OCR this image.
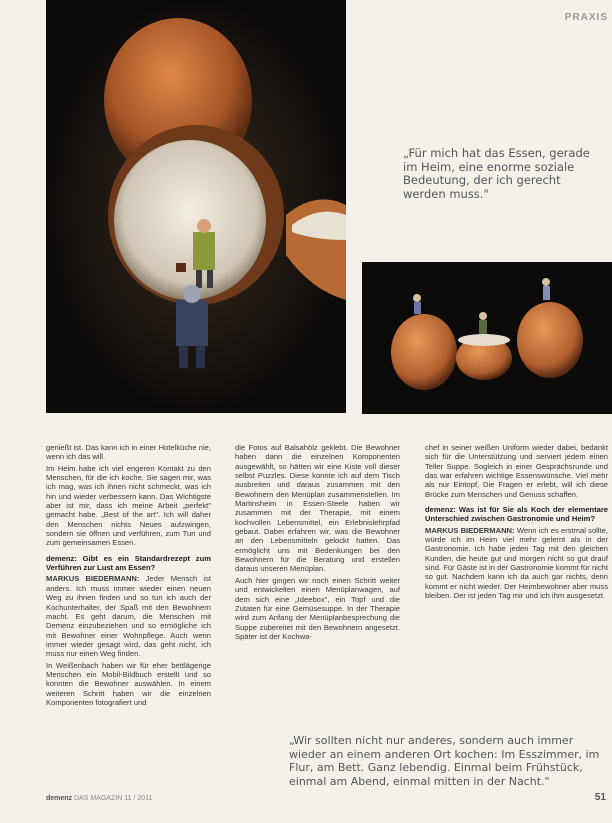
PRAXIS
„Für mich hat das Essen, gerade im Heim, eine enorme soziale Bedeutung, der ich gerecht werden muss."

genießt ist. Das kann ich in einer Hotelküche nie, wenn ich das will.

Im Heim habe ich viel engeren Kontakt zu den Menschen, für die ich koche. Sie sagen mir, was ich mag, was ich ihnen nicht schmeckt, was ich hin und wieder verbessern kann. Das Wichtigste aber ist mir, dass ich meine Arbeit „perfekt" gemacht habe. „Best of the art". Ich will daher den Menschen nichts Neues aufzwingen, sondern sie öffnen und verführen, zum Tun und zum gemeinsamen Essen.

demenz: Gibt es ein Standardrezept zum Verführen zur Lust am Essen?

MARKUS BIEDERMANN: Jeder Mensch ist anders. Ich muss immer wieder einen neuen Weg zu ihnen finden und so tun ich auch der Kochunterhalter, der Spaß mit den Bewohnern macht. Es geht darum, die Menschen mit Demenz einzubeziehen und so ermögliche ich mit Bewohner einer Wohnpflege. Auch wenn immer wieder gesagt wird, das geht nicht, ich muss nur einen Weg finden.

In Weißenbach haben wir für eher bettlägerige Menschen ein Mobil-Bildbuch erstellt und so konnten die Bewohner auswählen. In einem weiteren Schritt haben wir die einzelnen Komponenten fotografiert und

die Fotos auf Balsahölz geklebt. Die Bewohner haben dann die einzelnen Komponenten ausgewählt, so hätten wir eine Kiste voll dieser selbst Puzzles. Diese konnte ich auf dem Tisch ausbreiten und daraus zusammen mit den Bewohnern den Menüplan zusammenstellen. Im Martinsheim in Essen-Steele haben wir zusammen mit der Therapie, mit einem kochvollen Lebensmittel, ein Erlebnislehrpfad gebaut. Dabei erfahren wir, was die Bewohner an den Lebensmitteln gelockt hatten. Das ermöglicht uns mit Bedenkungen bei den Bewohnern für die Beratung und erstellen daraus unseren Menüplan.

Auch hier gingen wir noch einen Schritt weiter und entwickelten einen Menüplanwagen, auf dem sich eine „Ideebox", ein Topf und die Zutaten für eine Gemüsesuppe. In der Therapie wird zum Anfang der Menüplanbesprechung die Suppe zubereitet mit den Bewohnern angesetzt. Später ist der Kochwa-

chef in seiner weißen Uniform wieder dabei, bedankt sich für die Unterstützung und serviert jedem einen Teller Suppe. Sogleich in einer Gesprächsrunde und das war erfahren wichtige Essenswünsche. Viel mehr als nur Eintopf, Die Fragen er erlebt, will ich diese Brücke zum Menschen und Genuss schaffen.

demenz: Was ist für Sie als Koch der elementare Unterschied zwischen Gastronomie und Heim?

MARKUS BIEDERMANN: Wenn ich es erstmal sollte, würde ich im Heim viel mehr gelernt als in der Gastronomie. Ich habe jeden Tag mit den gleichen Kunden, die heute gut und morgen nicht so gut drauf sind. Für Gäste ist in der Gastronomie kommt für nicht so gut. Nachdem kann ich da auch gar nichts, denn kommt er nicht wieder. Der Heimbewohner aber muss bleiben. Der ist jeden Tag mir und ich ihm ausgesetzt.

„Wir sollten nicht nur anderes, sondern auch immer wieder an einem anderen Ort kochen: Im Esszimmer, im Flur, am Bett. Ganz lebendig. Einmal beim Frühstück, einmal am Abend, einmal mitten in der Nacht."
demenz DAS MAGAZIN 11 / 2011	51
